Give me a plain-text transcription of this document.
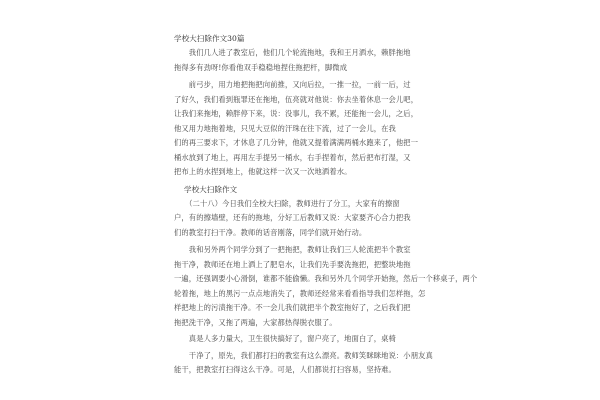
学校大扫除作文30篇

　　我们几人进了教室后，他们几个轮流拖地，我和王月洒水，赖胖拖地
拖得多有劲呀!你看他双手稳稳地捏住拖把杆，脚微成
　　前弓步，用力地把拖把向前推，又向后拉，一推一拉，一前一后，过
了好久，我们看到瓶罪还在拖地，伍亮就对他说：你去坐着休息一会儿吧，
让我们来拖地，赖胖停下来，说：没事儿，我不累，还能拖一会儿，之后，
他又用力地拖着地，只见大豆似的汗珠在往下流，过了一会儿，在我
们的再三要求下，才休息了几分钟，他就又提着满满两桶水跑来了，他把一
桶水放到了地上，再用左手提另一桶水，右手捏着布，然后把布打湿，又
把布上的水捏到地上，他就这样一次又一次地洒着水。

学校大扫除作文

　　（二十八）今日我们全校大扫除，教师进行了分工，大家有的擦窗
户，有的擦墙壁，还有的拖地，分好工后教师又说：大家要齐心合力把我
们的教室打扫干净。教师的话音刚落，同学们就开始行动。
　　我和另外两个同学分到了一把拖把，教师让我们三人轮流把半个教室
拖干净，教师还在地上洒上了肥皂水，让我们先手要洗拖把，把整块地拖
一遍，还强调要小心滑倒，谁都不能偷懒。我和另外几个同学开始拖，然后一个移桌子，两个
轮着拖，地上的黑污一点点地消失了，教师还经常来看看指导我们怎样拖，怎
样把地上的污渍拖干净。不一会儿我们就把半个教室拖好了，之后我们把
拖把洗干净，又拖了两遍，大家都热得脱衣服了。
　　真是人多力量大，卫生很快搞好了，窗户亮了，地面白了，桌椅
　　干净了，原先，我们都打扫的教室有这么漂亮。教师笑眯眯地说：小朋友真
能干，把教室打扫得这么干净。可是，人们都说打扫容易，坚持难。
